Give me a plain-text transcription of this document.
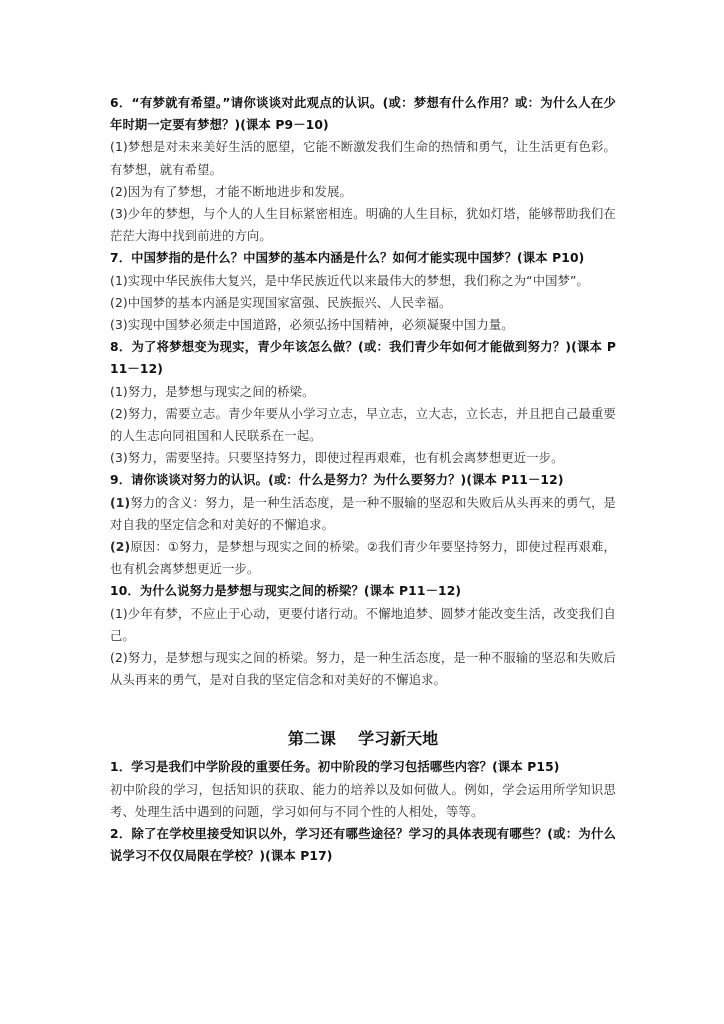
6．“有梦就有希望。”请你谈谈对此观点的认识。(或：梦想有什么作用？或：为什么人在少年时期一定要有梦想？)(课本 P9－10)

(1)梦想是对未来美好生活的愿望，它能不断激发我们生命的热情和勇气，让生活更有色彩。有梦想，就有希望。

(2)因为有了梦想，才能不断地进步和发展。

(3)少年的梦想，与个人的人生目标紧密相连。明确的人生目标，犹如灯塔，能够帮助我们在茫茫大海中找到前进的方向。

7．中国梦指的是什么？中国梦的基本内涵是什么？如何才能实现中国梦？(课本 P10)

(1)实现中华民族伟大复兴，是中华民族近代以来最伟大的梦想，我们称之为“中国梦”。

(2)中国梦的基本内涵是实现国家富强、民族振兴、人民幸福。

(3)实现中国梦必须走中国道路，必须弘扬中国精神，必须凝聚中国力量。

8．为了将梦想变为现实，青少年该怎么做？(或：我们青少年如何才能做到努力？)(课本 P11－12)

(1)努力，是梦想与现实之间的桥梁。

(2)努力，需要立志。青少年要从小学习立志，早立志，立大志，立长志，并且把自己最重要的人生志向同祖国和人民联系在一起。

(3)努力，需要坚持。只要坚持努力，即使过程再艰难，也有机会离梦想更近一步。

9．请你谈谈对努力的认识。(或：什么是努力？为什么要努力？)(课本 P11－12)

(1)努力的含义：努力，是一种生活态度，是一种不服输的坚忍和失败后从头再来的勇气，是对自我的坚定信念和对美好的不懈追求。

(2)原因：①努力，是梦想与现实之间的桥梁。②我们青少年要坚持努力，即使过程再艰难，也有机会离梦想更近一步。

10．为什么说努力是梦想与现实之间的桥梁？(课本 P11－12)

(1)少年有梦，不应止于心动，更要付诸行动。不懈地追梦、圆梦才能改变生活，改变我们自己。

(2)努力，是梦想与现实之间的桥梁。努力，是一种生活态度，是一种不服输的坚忍和失败后从头再来的勇气，是对自我的坚定信念和对美好的不懈追求。

第二课    学习新天地

1．学习是我们中学阶段的重要任务。初中阶段的学习包括哪些内容？(课本 P15)

初中阶段的学习，包括知识的获取、能力的培养以及如何做人。例如，学会运用所学知识思考、处理生活中遇到的问题，学习如何与不同个性的人相处，等等。

2．除了在学校里接受知识以外，学习还有哪些途径？学习的具体表现有哪些？(或：为什么说学习不仅仅局限在学校？)(课本 P17)
